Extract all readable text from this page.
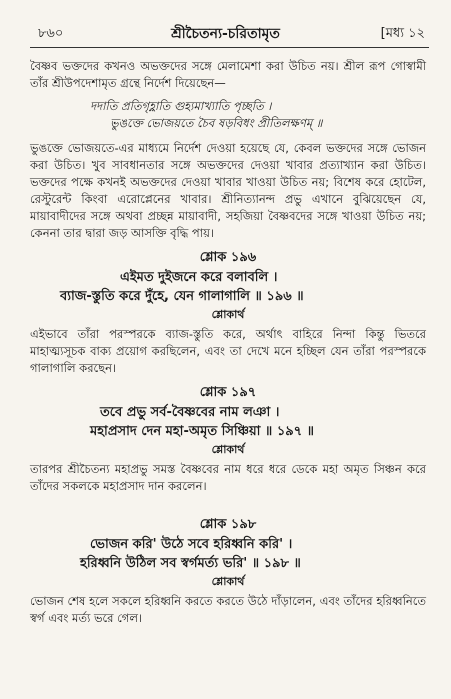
৮৬০	শ্রীচৈতন্য-চরিতামৃত	[মধ্য ১২

বৈষ্ণব ভক্তদের কখনও অভক্তদের সঙ্গে মেলামেশা করা উচিত নয়। শ্রীল রূপ গোস্বামী তাঁর শ্রীউপদেশামৃত গ্রন্থে নির্দেশ দিয়েছেন—

দদাতি প্রতিগৃহ্ণাতি গুহ্যমাখ্যাতি পৃচ্ছতি ।
ভুঙক্তে ভোজয়তে চৈব ষড়বিধং প্রীতিলক্ষণম্ ॥

ভুঙক্তে ভোজয়তে-এর মাধ্যমে নির্দেশ দেওয়া হয়েছে যে, কেবল ভক্তদের সঙ্গে ভোজন করা উচিত। খুব সাবধানতার সঙ্গে অভক্তদের দেওয়া খাবার প্রত্যাখ্যান করা উচিত। ভক্তদের পক্ষে কখনই অভক্তদের দেওয়া খাবার খাওয়া উচিত নয়; বিশেষ করে হোটেল, রেস্টুরেন্ট কিংবা এরোপ্লেনের খাবার। শ্রীনিত্যানন্দ প্রভু এখানে বুঝিয়েছেন যে, মায়াবাদীদের সঙ্গে অথবা প্রচ্ছন্ন মায়াবাদী, সহজিয়া বৈষ্ণবদের সঙ্গে খাওয়া উচিত নয়; কেননা তার দ্বারা জড় আসক্তি বৃদ্ধি পায়।

শ্লোক ১৯৬
এইমত দুইজনে করে বলাবলি ।
ব্যাজ-স্তুতি করে দুঁহে, যেন গালাগালি ॥ ১৯৬ ॥
শ্লোকার্থ

এইভাবে তাঁরা পরস্পরকে ব্যাজ-স্তুতি করে, অর্থাৎ বাহিরে নিন্দা কিন্তু ভিতরে মাহাত্ম্যসূচক বাক্য প্রয়োগ করছিলেন, এবং তা দেখে মনে হচ্ছিল যেন তাঁরা পরস্পরকে গালাগালি করছেন।

শ্লোক ১৯৭
তবে প্রভু সর্ব-বৈষ্ণবের নাম লঞা ।
মহাপ্রসাদ দেন মহা-অমৃত সিঞ্চিয়া ॥ ১৯৭ ॥
শ্লোকার্থ

তারপর শ্রীচৈতন্য মহাপ্রভু সমস্ত বৈষ্ণবের নাম ধরে ধরে ডেকে মহা অমৃত সিঞ্চন করে তাঁদের সকলকে মহাপ্রসাদ দান করলেন।

শ্লোক ১৯৮
ভোজন করি' উঠে সবে হরিধ্বনি করি' ।
হরিধ্বনি উঠিল সব স্বর্গমর্ত্য ভরি' ॥ ১৯৮ ॥
শ্লোকার্থ

ভোজন শেষ হলে সকলে হরিধ্বনি করতে করতে উঠে দাঁড়ালেন, এবং তাঁদের হরিধ্বনিতে স্বর্গ এবং মর্ত্য ভরে গেল।
